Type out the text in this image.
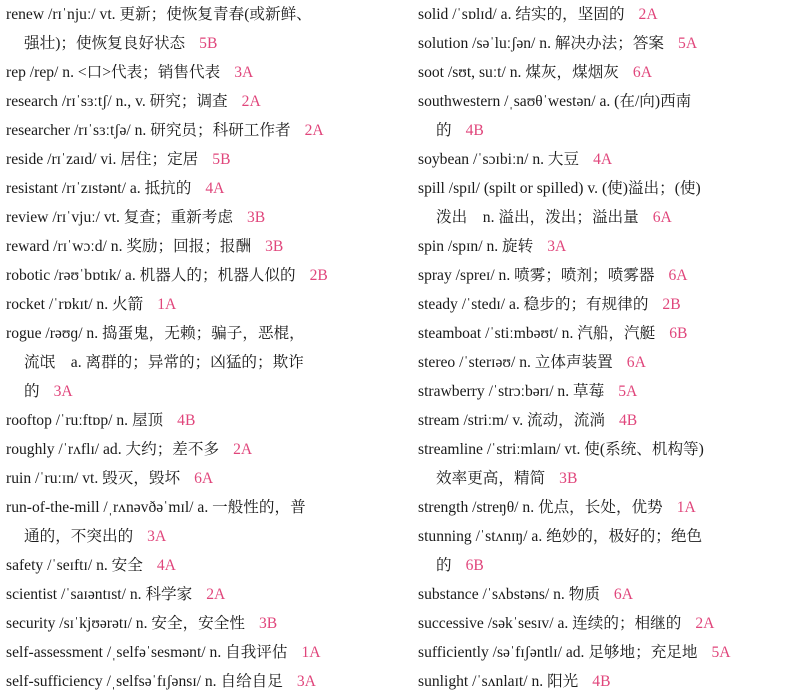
renew /rɪˈnjuː/ vt. 更新；使恢复青春(或新鲜、
强壮)；使恢复良好状态 5B
rep /rep/ n. <口>代表；销售代表 3A
research /rɪˈsɜːtʃ/ n., v. 研究；调查 2A
researcher /rɪˈsɜːtʃə/ n. 研究员；科研工作者 2A
reside /rɪˈzaɪd/ vi. 居住；定居 5B
resistant /rɪˈzɪstənt/ a. 抵抗的 4A
review /rɪˈvjuː/ vt. 复查；重新考虑 3B
reward /rɪˈwɔːd/ n. 奖励；回报；报酬 3B
robotic /rəʊˈbɒtɪk/ a. 机器人的；机器人似的 2B
rocket /ˈrɒkɪt/ n. 火箭 1A
rogue /rəʊɡ/ n. 捣蛋鬼，无赖；骗子，恶棍，
流氓　a. 离群的；异常的；凶猛的；欺诈
的 3A
rooftop /ˈruːftɒp/ n. 屋顶 4B
roughly /ˈrʌflɪ/ ad. 大约；差不多 2A
ruin /ˈruːɪn/ vt. 毁灭，毁坏 6A
run-of-the-mill /ˌrʌnəvðəˈmɪl/ a. 一般性的，普
通的，不突出的 3A
safety /ˈseɪftɪ/ n. 安全 4A
scientist /ˈsaɪəntɪst/ n. 科学家 2A
security /sɪˈkjʊərətɪ/ n. 安全，安全性 3B
self-assessment /ˌselfəˈsesmənt/ n. 自我评估 1A
self-sufficiency /ˌselfsəˈfɪʃənsɪ/ n. 自给自足 3A
solid /ˈsɒlɪd/ a. 结实的，坚固的 2A
solution /səˈluːʃən/ n. 解决办法；答案 5A
soot /sʊt, suːt/ n. 煤灰，煤烟灰 6A
southwestern /ˌsaʊθˈwestən/ a. (在/向)西南
的 4B
soybean /ˈsɔɪbiːn/ n. 大豆 4A
spill /spɪl/ (spilt or spilled) v. (使)溢出；(使)
泼出　n. 溢出，泼出；溢出量 6A
spin /spɪn/ n. 旋转 3A
spray /spreɪ/ n. 喷雾；喷剂；喷雾器 6A
steady /ˈstedɪ/ a. 稳步的；有规律的 2B
steamboat /ˈstiːmbəʊt/ n. 汽船，汽艇 6B
stereo /ˈsterɪəʊ/ n. 立体声装置 6A
strawberry /ˈstrɔːbərɪ/ n. 草莓 5A
stream /striːm/ v. 流动，流淌 4B
streamline /ˈstriːmlaɪn/ vt. 使(系统、机构等)
效率更高，精简 3B
strength /streŋθ/ n. 优点，长处，优势 1A
stunning /ˈstʌnɪŋ/ a. 绝妙的，极好的；绝色
的 6B
substance /ˈsʌbstəns/ n. 物质 6A
successive /səkˈsesɪv/ a. 连续的；相继的 2A
sufficiently /səˈfɪʃəntlɪ/ ad. 足够地；充足地 5A
sunlight /ˈsʌnlaɪt/ n. 阳光 4B
